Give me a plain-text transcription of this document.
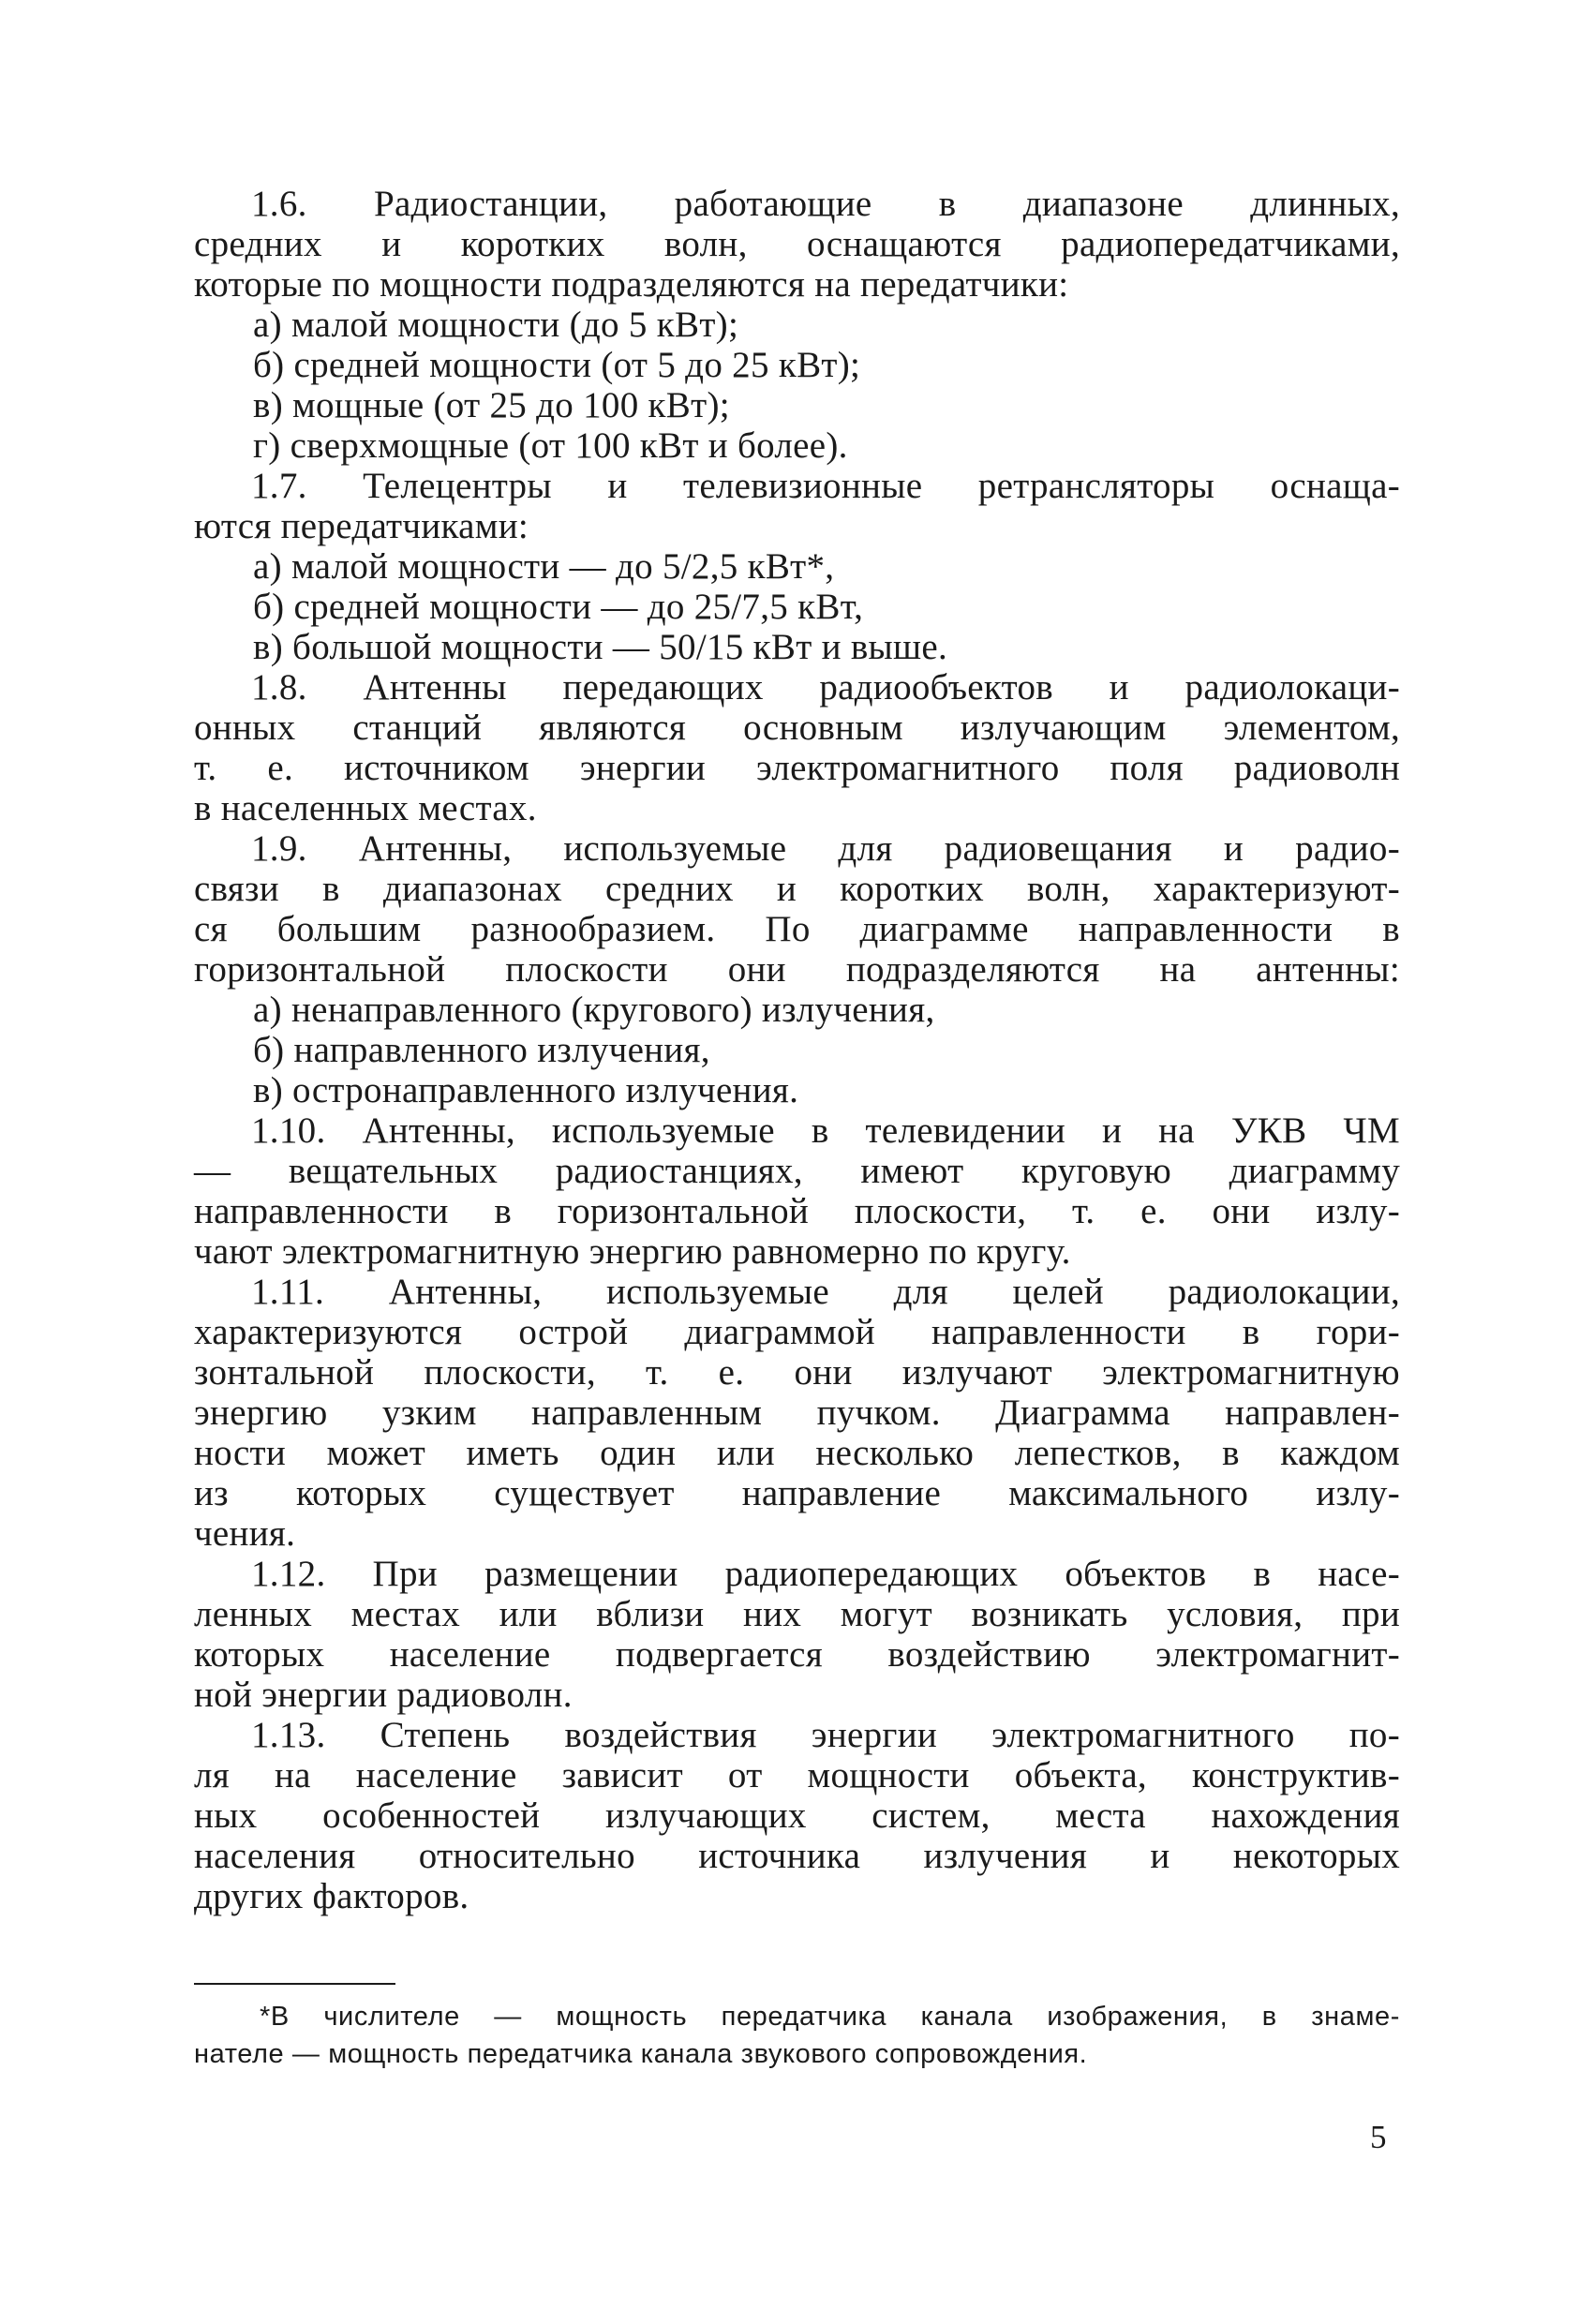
1.6. Радиостанции, работающие в диапазоне длинных,
средних и коротких волн, оснащаются радиопередатчиками,
которые по мощности подразделяются на передатчики:
а) малой мощности (до 5 кВт);
б) средней мощности (от 5 до 25 кВт);
в) мощные (от 25 до 100 кВт);
г) сверхмощные (от 100 кВт и более).
1.7. Телецентры и телевизионные ретрансляторы оснаща-
ются передатчиками:
а) малой мощности — до 5/2,5 кВт*,
б) средней мощности — до 25/7,5 кВт,
в) большой мощности — 50/15 кВт и выше.
1.8. Антенны передающих радиообъектов и радиолокаци-
онных станций являются основным излучающим элементом,
т. е. источником энергии электромагнитного поля радиоволн
в населенных местах.
1.9. Антенны, используемые для радиовещания и радио-
связи в диапазонах средних и коротких волн, характеризуют-
ся большим разнообразием. По диаграмме направленности в
горизонтальной плоскости они подразделяются на антенны:
а) ненаправленного (кругового) излучения,
б) направленного излучения,
в) остронаправленного излучения.
1.10. Антенны, используемые в телевидении и на УКВ ЧМ
— вещательных радиостанциях, имеют круговую диаграмму
направленности в горизонтальной плоскости, т. е. они излу-
чают электромагнитную энергию равномерно по кругу.
1.11. Антенны, используемые для целей радиолокации,
характеризуются острой диаграммой направленности в гори-
зонтальной плоскости, т. е. они излучают электромагнитную
энергию узким направленным пучком. Диаграмма направлен-
ности может иметь один или несколько лепестков, в каждом
из которых существует направление максимального излу-
чения.
1.12. При размещении радиопередающих объектов в насе-
ленных местах или вблизи них могут возникать условия, при
которых население подвергается воздействию электромагнит-
ной энергии радиоволн.
1.13. Степень воздействия энергии электромагнитного по-
ля на население зависит от мощности объекта, конструктив-
ных особенностей излучающих систем, места нахождения
населения относительно источника излучения и некоторых
других факторов.
*В числителе — мощность передатчика канала изображения, в знаме-
нателе — мощность передатчика канала звукового сопровождения.
5
